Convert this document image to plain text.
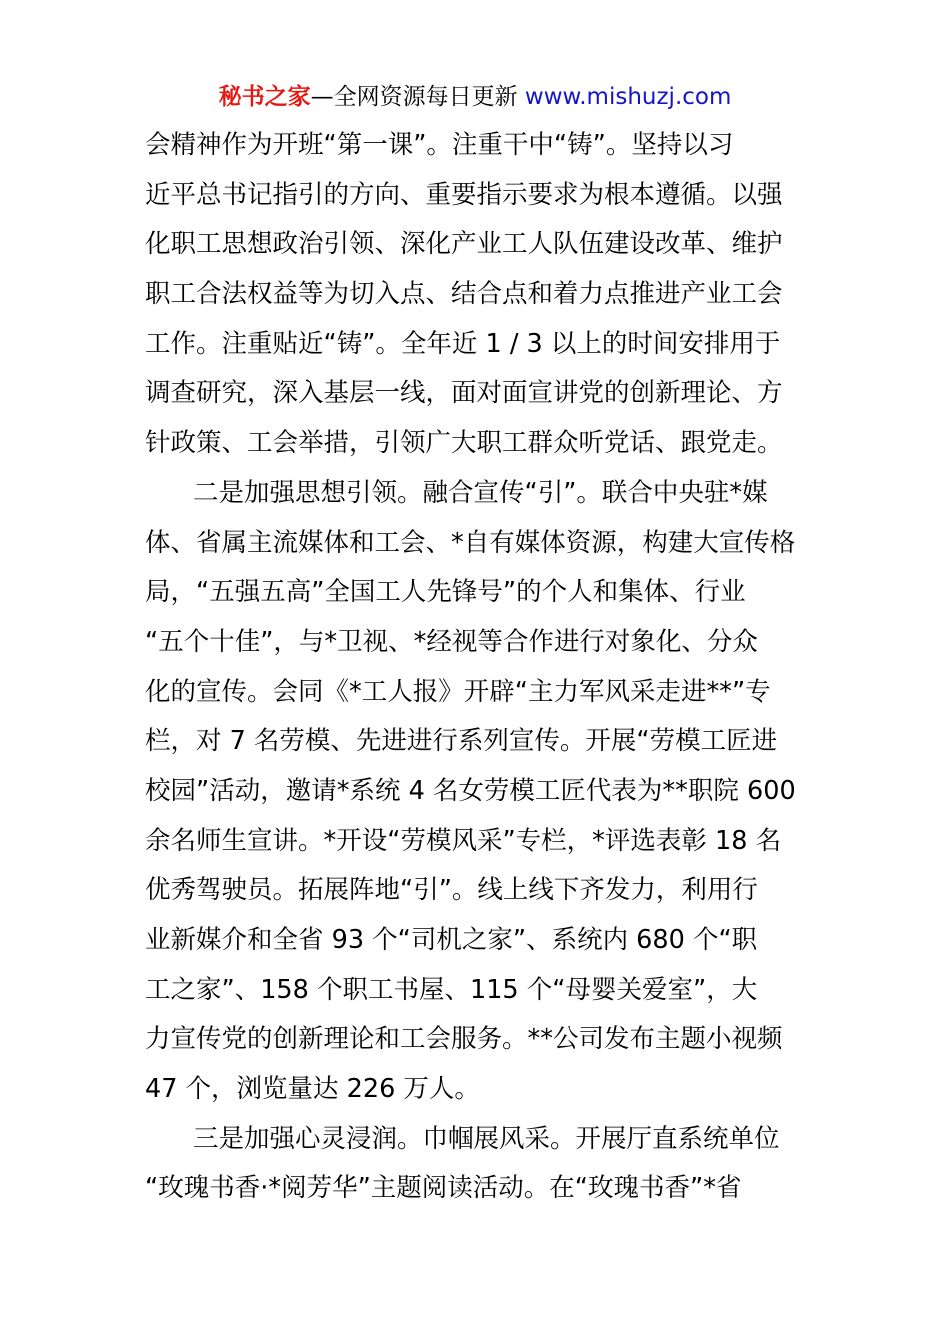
秘书之家—全网资源每日更新 www.mishuzj.com
会精神作为开班“第一课”。注重干中“铸”。坚持以习
近平总书记指引的方向、重要指示要求为根本遵循。以强
化职工思想政治引领、深化产业工人队伍建设改革、维护
职工合法权益等为切入点、结合点和着力点推进产业工会
工作。注重贴近“铸”。全年近 1 / 3 以上的时间安排用于
调查研究，深入基层一线，面对面宣讲党的创新理论、方
针政策、工会举措，引领广大职工群众听党话、跟党走。
二是加强思想引领。融合宣传“引”。联合中央驻*媒
体、省属主流媒体和工会、*自有媒体资源，构建大宣传格
局，“五强五高”全国工人先锋号”的个人和集体、行业
“五个十佳”，与*卫视、*经视等合作进行对象化、分众
化的宣传。会同《*工人报》开辟“主力军风采走进**”专
栏，对 7 名劳模、先进进行系列宣传。开展“劳模工匠进
校园”活动，邀请*系统 4 名女劳模工匠代表为**职院 600
余名师生宣讲。*开设“劳模风采”专栏，*评选表彰 18 名
优秀驾驶员。拓展阵地“引”。线上线下齐发力，利用行
业新媒介和全省 93 个“司机之家”、系统内 680 个“职
工之家”、158 个职工书屋、115 个“母婴关爱室”，大
力宣传党的创新理论和工会服务。**公司发布主题小视频
47 个，浏览量达 226 万人。
三是加强心灵浸润。巾帼展风采。开展厅直系统单位
“玫瑰书香·*阅芳华”主题阅读活动。在“玫瑰书香”*省
